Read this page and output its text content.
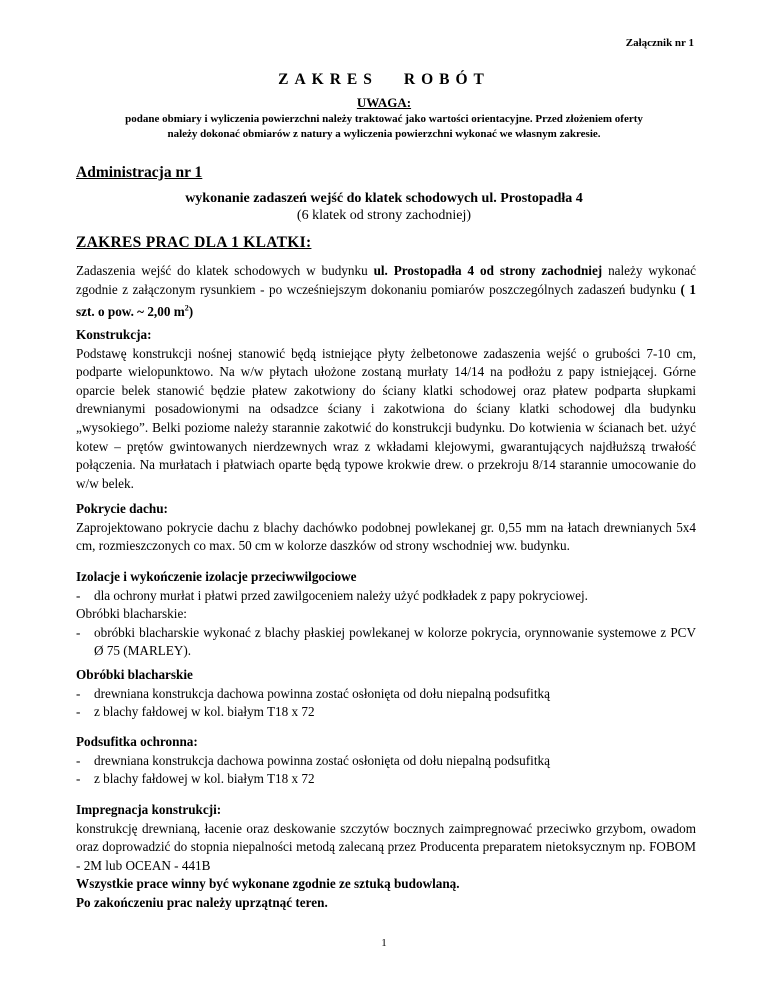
Załącznik nr 1
ZAKRES ROBÓT
UWAGA:
podane obmiary i wyliczenia powierzchni należy traktować jako wartości orientacyjne. Przed złożeniem oferty
należy dokonać obmiarów z natury a wyliczenia powierzchni wykonać we własnym zakresie.
Administracja nr 1
wykonanie zadaszeń wejść do klatek schodowych ul. Prostopadła 4
(6 klatek od strony zachodniej)
ZAKRES PRAC DLA 1 KLATKI:

Zadaszenia wejść do klatek schodowych w budynku ul. Prostopadła 4 od strony zachodniej należy wykonać zgodnie z załączonym rysunkiem - po wcześniejszym dokonaniu pomiarów poszczególnych zadaszeń budynku ( 1 szt. o pow. ~ 2,00 $m^2$)

Konstrukcja:

Podstawę konstrukcji nośnej stanowić będą istniejące płyty żelbetonowe zadaszenia wejść o grubości 7-10 cm, podparte wielopunktowo. Na w/w płytach ułożone zostaną murłaty 14/14 na podłożu z papy istniejącej. Górne oparcie belek stanowić będzie płatew zakotwiony do ściany klatki schodowej oraz płatew podparta słupkami drewnianymi posadowionymi na odsadzce ściany i zakotwiona do ściany klatki schodowej dla budynku „wysokiego”. Belki poziome należy starannie zakotwić do konstrukcji budynku. Do kotwienia w ścianach bet. użyć kotew – prętów gwintowanych nierdzewnych wraz z wkładami klejowymi, gwarantujących najdłuższą trwałość połączenia. Na murłatach i płatwiach oparte będą typowe krokwie drew. o przekroju 8/14 starannie umocowanie do w/w belek.

Pokrycie dachu:

Zaprojektowano pokrycie dachu z blachy dachówko podobnej powlekanej gr. 0,55 mm na łatach drewnianych 5x4 cm, rozmieszczonych co max. 50 cm w kolorze daszków od strony wschodniej ww. budynku.

Izolacje i wykończenie izolacje przeciwwilgociowe

- dla ochrony murłat i płatwi przed zawilgoceniem należy użyć podkładek z papy pokryciowej.

Obróbki blacharskie:

- obróbki blacharskie wykonać z blachy płaskiej powlekanej w kolorze pokrycia, orynnowanie systemowe z PCV Ø 75 (MARLEY).

Obróbki blacharskie

- drewniana konstrukcja dachowa powinna zostać osłonięta od dołu niepalną podsufitką

- z blachy fałdowej w kol. białym T18 x 72

Podsufitka ochronna:

- drewniana konstrukcja dachowa powinna zostać osłonięta od dołu niepalną podsufitką

- z blachy fałdowej w kol. białym T18 x 72

Impregnacja konstrukcji:

konstrukcję drewnianą, łacenie oraz deskowanie szczytów bocznych zaimpregnować przeciwko grzybom, owadom oraz doprowadzić do stopnia niepalności metodą zalecaną przez Producenta preparatem nietoksycznym np. FOBOM - 2M lub OCEAN - 441B

Wszystkie prace winny być wykonane zgodnie ze sztuką budowlaną.

Po zakończeniu prac należy uprzątnąć teren.

1
